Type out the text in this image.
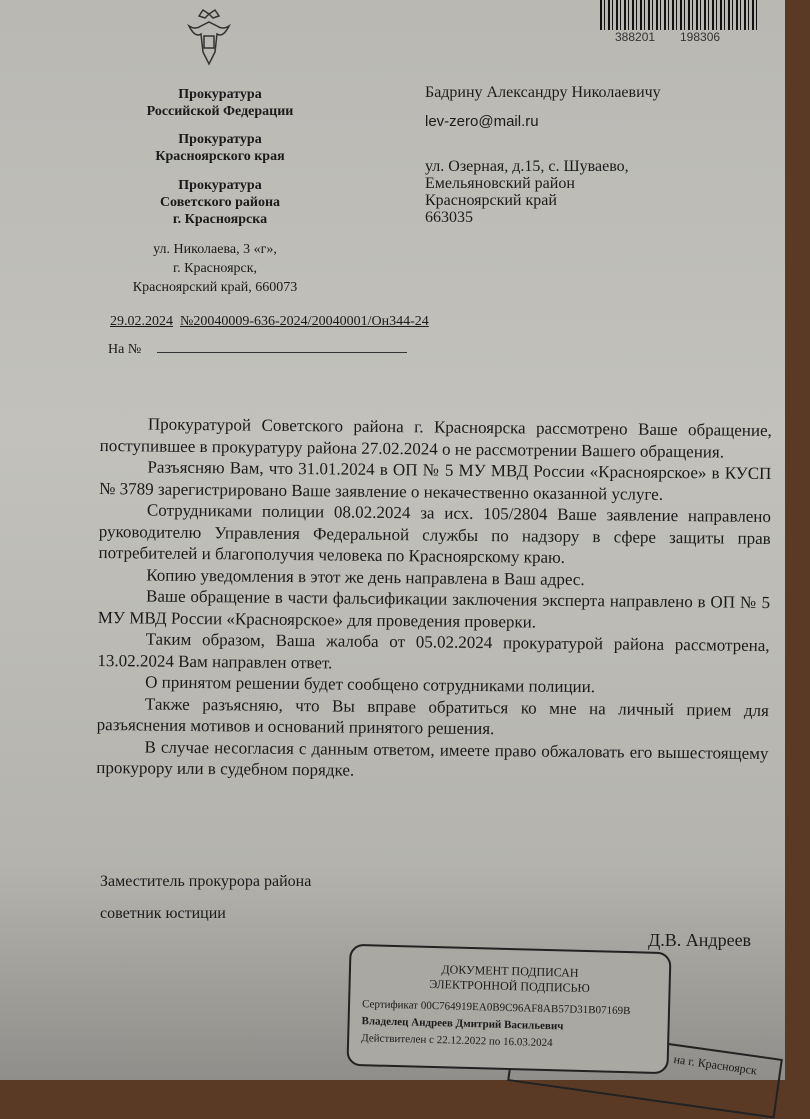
388201 198306
Прокуратура
Российской Федерации
Прокуратура
Красноярского края
Прокуратура
Советского района
г. Красноярска
ул. Николаева, 3 «г»,
г. Красноярск,
Красноярский край, 660073
29.02.2024 №20040009-636-2024/20040001/Он344-24
На №
Бадрину Александру Николаевичу
lev-zero@mail.ru
ул. Озерная, д.15, с. Шуваево,
Емельяновский район
Красноярский край
663035

Прокуратурой Советского района г. Красноярска рассмотрено Ваше обращение, поступившее в прокуратуру района 27.02.2024 о не рассмотрении Вашего обращения.

Разъясняю Вам, что 31.01.2024 в ОП № 5 МУ МВД России «Красноярское» в КУСП № 3789 зарегистрировано Ваше заявление о некачественно оказанной услуге.

Сотрудниками полиции 08.02.2024 за исх. 105/2804 Ваше заявление направлено руководителю Управления Федеральной службы по надзору в сфере защиты прав потребителей и благополучия человека по Красноярскому краю.

Копию уведомления в этот же день направлена в Ваш адрес.

Ваше обращение в части фальсификации заключения эксперта направлено в ОП № 5 МУ МВД России «Красноярское» для проведения проверки.

Таким образом, Ваша жалоба от 05.02.2024 прокуратурой района рассмотрена, 13.02.2024 Вам направлен ответ.

О принятом решении будет сообщено сотрудниками полиции.

Также разъясняю, что Вы вправе обратиться ко мне на личный прием для разъяснения мотивов и оснований принятого решения.

В случае несогласия с данным ответом, имеете право обжаловать его вышестоящему прокурору или в судебном порядке.

Заместитель прокурора района
советник юстиции
Д.В. Андреев
на г. Красноярск
ДОКУМЕНТ ПОДПИСАН
ЭЛЕКТРОННОЙ ПОДПИСЬЮ
Сертификат 00C764919EA0B9C96AF8AB57D31B07169B
Владелец Андреев Дмитрий Васильевич
Действителен с 22.12.2022 по 16.03.2024
